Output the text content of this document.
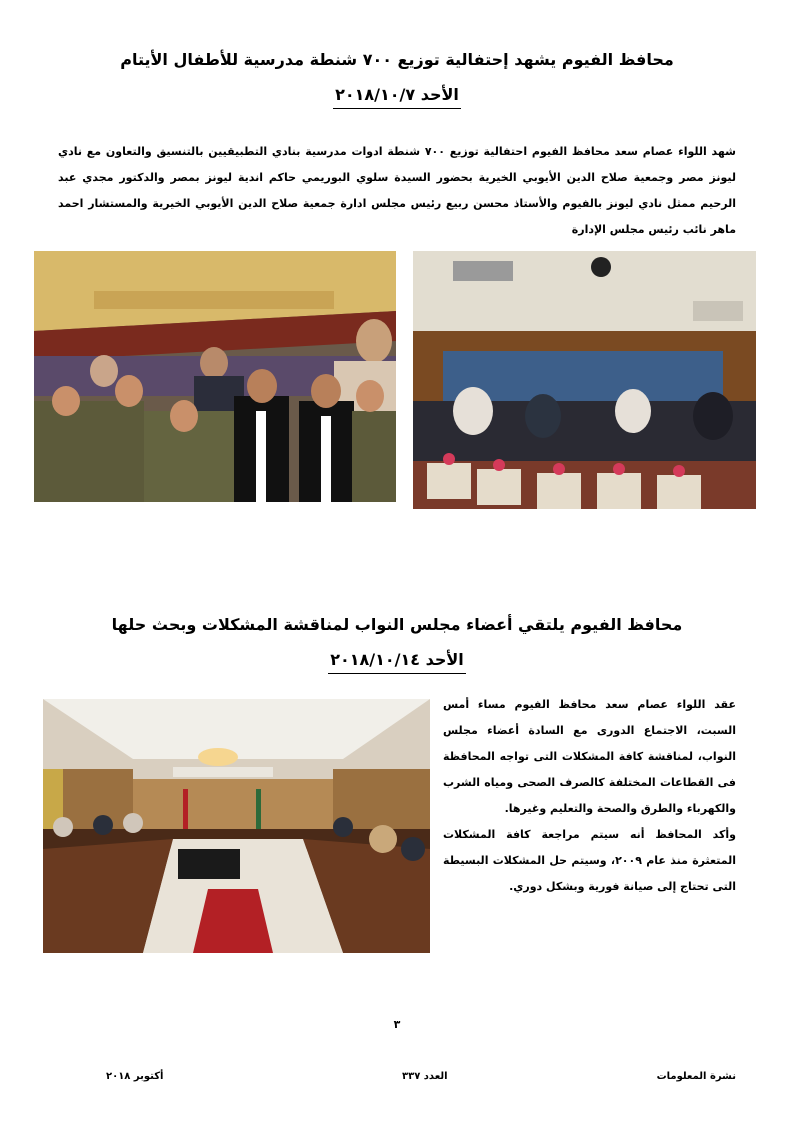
محافظ الفيوم يشهد إحتفالية توزيع ٧٠٠ شنطة مدرسية للأطفال الأيتام
الأحد ٢٠١٨/١٠/٧

شهد اللواء عصام سعد محافظ الفيوم احتفالية توزيع ٧٠٠ شنطة ادوات مدرسية بنادي التطبيقيين بالتنسيق والتعاون مع نادي ليونز مصر وجمعية صلاح الدين الأيوبي الخيرية بحضور السيدة سلوي البوريمي حاكم اندية ليونز بمصر والدكتور مجدي عبد الرحيم ممثل نادي ليونز بالفيوم والأستاذ محسن ربيع رئيس مجلس ادارة جمعية صلاح الدين الأيوبي الخيرية والمستشار احمد ماهر نائب رئيس مجلس الإدارة

محافظ الفيوم يلتقي أعضاء مجلس النواب لمناقشة المشكلات وبحث حلها
الأحد ٢٠١٨/١٠/١٤

عقد اللواء عصام سعد محافظ الفيوم مساء أمس السبت، الاجتماع الدورى مع السادة أعضاء مجلس النواب، لمناقشة كافة المشكلات التى تواجه المحافظة فى القطاعات المختلفة كالصرف الصحى ومياه الشرب والكهرباء والطرق والصحة والتعليم وغيرها.

وأكد المحافظ أنه سيتم مراجعة كافة المشكلات المتعثرة منذ عام ٢٠٠٩، وسيتم حل المشكلات البسيطة التى تحتاج إلى صيانة فورية وبشكل دوري.

٣
نشرة المعلومات
العدد ٣٣٧
أكتوبر ٢٠١٨
